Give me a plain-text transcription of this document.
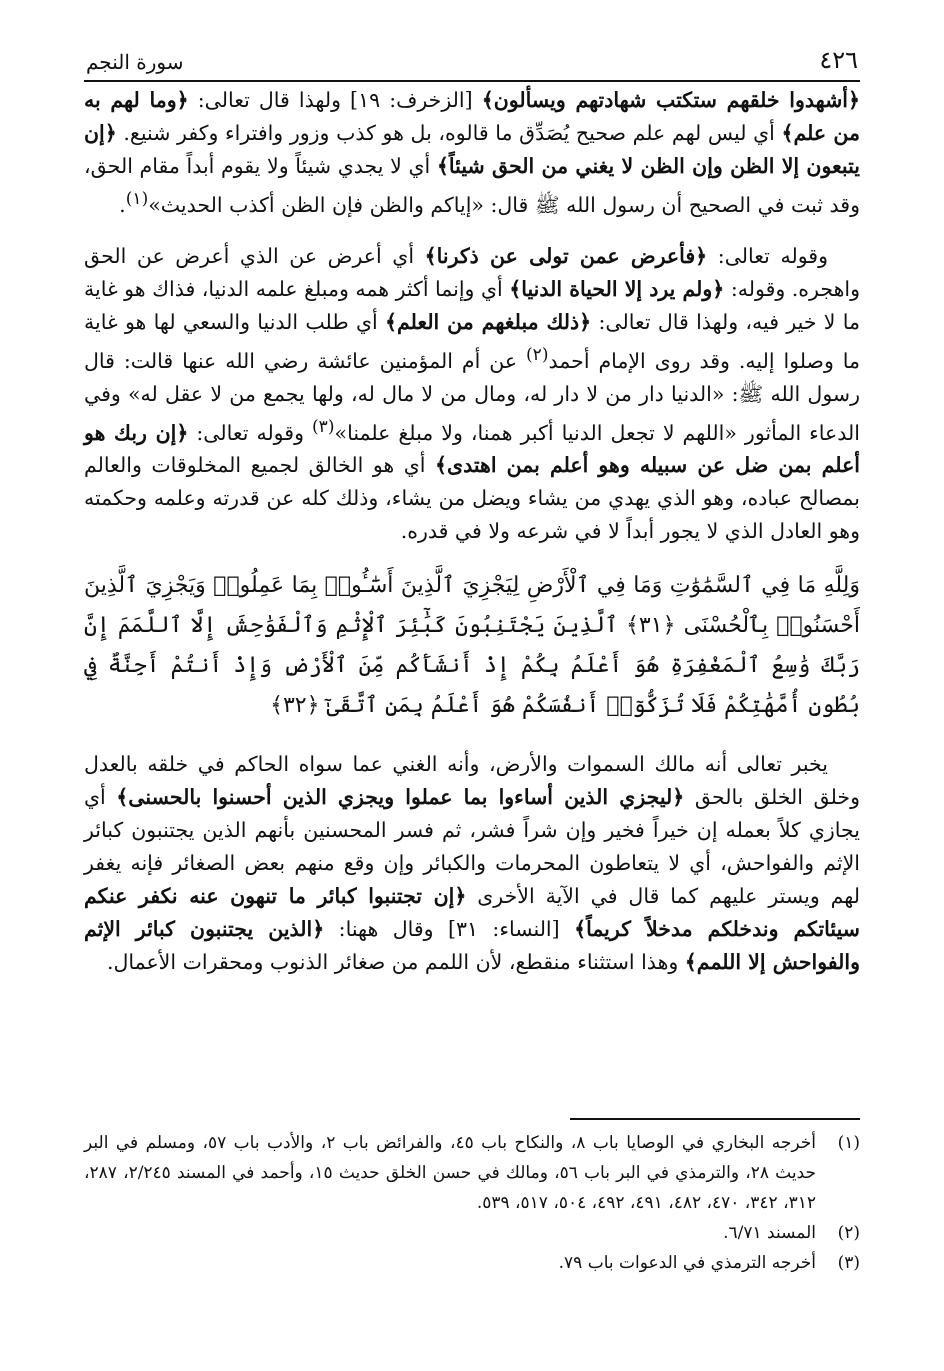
٤٢٦
سورة النجم

﴿أشهدوا خلقهم ستكتب شهادتهم ويسألون﴾ [الزخرف: ١٩] ولهذا قال تعالى: ﴿وما لهم به من علم﴾ أي ليس لهم علم صحيح يُصَدِّق ما قالوه، بل هو كذب وزور وافتراء وكفر شنيع. ﴿إن يتبعون إلا الظن وإن الظن لا يغني من الحق شيئاً﴾ أي لا يجدي شيئاً ولا يقوم أبداً مقام الحق، وقد ثبت في الصحيح أن رسول الله ﷺ قال: «إياكم والظن فإن الظن أكذب الحديث»$^{(١)}$.

وقوله تعالى: ﴿فأعرض عمن تولى عن ذكرنا﴾ أي أعرض عن الذي أعرض عن الحق واهجره. وقوله: ﴿ولم يرد إلا الحياة الدنيا﴾ أي وإنما أكثر همه ومبلغ علمه الدنيا، فذاك هو غاية ما لا خير فيه، ولهذا قال تعالى: ﴿ذلك مبلغهم من العلم﴾ أي طلب الدنيا والسعي لها هو غاية ما وصلوا إليه. وقد روى الإمام أحمد$^{(٢)}$ عن أم المؤمنين عائشة رضي الله عنها قالت: قال رسول الله ﷺ: «الدنيا دار من لا دار له، ومال من لا مال له، ولها يجمع من لا عقل له» وفي الدعاء المأثور «اللهم لا تجعل الدنيا أكبر همنا، ولا مبلغ علمنا»$^{(٣)}$ وقوله تعالى: ﴿إن ربك هو أعلم بمن ضل عن سبيله وهو أعلم بمن اهتدى﴾ أي هو الخالق لجميع المخلوقات والعالم بمصالح عباده، وهو الذي يهدي من يشاء ويضل من يشاء، وذلك كله عن قدرته وعلمه وحكمته وهو العادل الذي لا يجور أبداً لا في شرعه ولا في قدره.

وَلِلَّهِ مَا فِي ٱلسَّمَٰوَٰتِ وَمَا فِي ٱلْأَرْضِ لِيَجْزِيَ ٱلَّذِينَ أَسَٰٓـُٔوا۟ بِمَا عَمِلُوا۟ وَيَجْزِيَ ٱلَّذِينَ أَحْسَنُوا۟ بِٱلْحُسْنَى ﴿٣١﴾ ٱلَّذِينَ يَجْتَنِبُونَ كَبَٰٓئِرَ ٱلْإِثْمِ وَٱلْفَوَٰحِشَ إِلَّا ٱللَّمَمَ إِنَّ رَبَّكَ وَٰسِعُ ٱلْمَغْفِرَةِ هُوَ أَعْلَمُ بِكُمْ إِذْ أَنشَأَكُم مِّنَ ٱلْأَرْضِ وَإِذْ أَنتُمْ أَجِنَّةٌ فِي بُطُونِ أُمَّهَٰتِكُمْ فَلَا تُزَكُّوٓا۟ أَنفُسَكُمْ هُوَ أَعْلَمُ بِمَنِ ٱتَّقَىٰٓ ﴿٣٢﴾

يخبر تعالى أنه مالك السموات والأرض، وأنه الغني عما سواه الحاكم في خلقه بالعدل وخلق الخلق بالحق ﴿ليجزي الذين أساءوا بما عملوا ويجزي الذين أحسنوا بالحسنى﴾ أي يجازي كلاً بعمله إن خيراً فخير وإن شراً فشر، ثم فسر المحسنين بأنهم الذين يجتنبون كبائر الإثم والفواحش، أي لا يتعاطون المحرمات والكبائر وإن وقع منهم بعض الصغائر فإنه يغفر لهم ويستر عليهم كما قال في الآية الأخرى ﴿إن تجتنبوا كبائر ما تنهون عنه نكفر عنكم سيئاتكم وندخلكم مدخلاً كريماً﴾ [النساء: ٣١] وقال ههنا: ﴿الذين يجتنبون كبائر الإثم والفواحش إلا اللمم﴾ وهذا استثناء منقطع، لأن اللمم من صغائر الذنوب ومحقرات الأعمال.

(١)
أخرجه البخاري في الوصايا باب ٨، والنكاح باب ٤٥، والفرائض باب ٢، والأدب باب ٥٧، ومسلم في البر حديث ٢٨، والترمذي في البر باب ٥٦، ومالك في حسن الخلق حديث ١٥، وأحمد في المسند ٢/٢٤٥، ٢٨٧، ٣١٢، ٣٤٢، ٤٧٠، ٤٨٢، ٤٩١، ٤٩٢، ٥٠٤، ٥١٧، ٥٣٩.
(٢)
المسند ٦/٧١.
(٣)
أخرجه الترمذي في الدعوات باب ٧٩.
